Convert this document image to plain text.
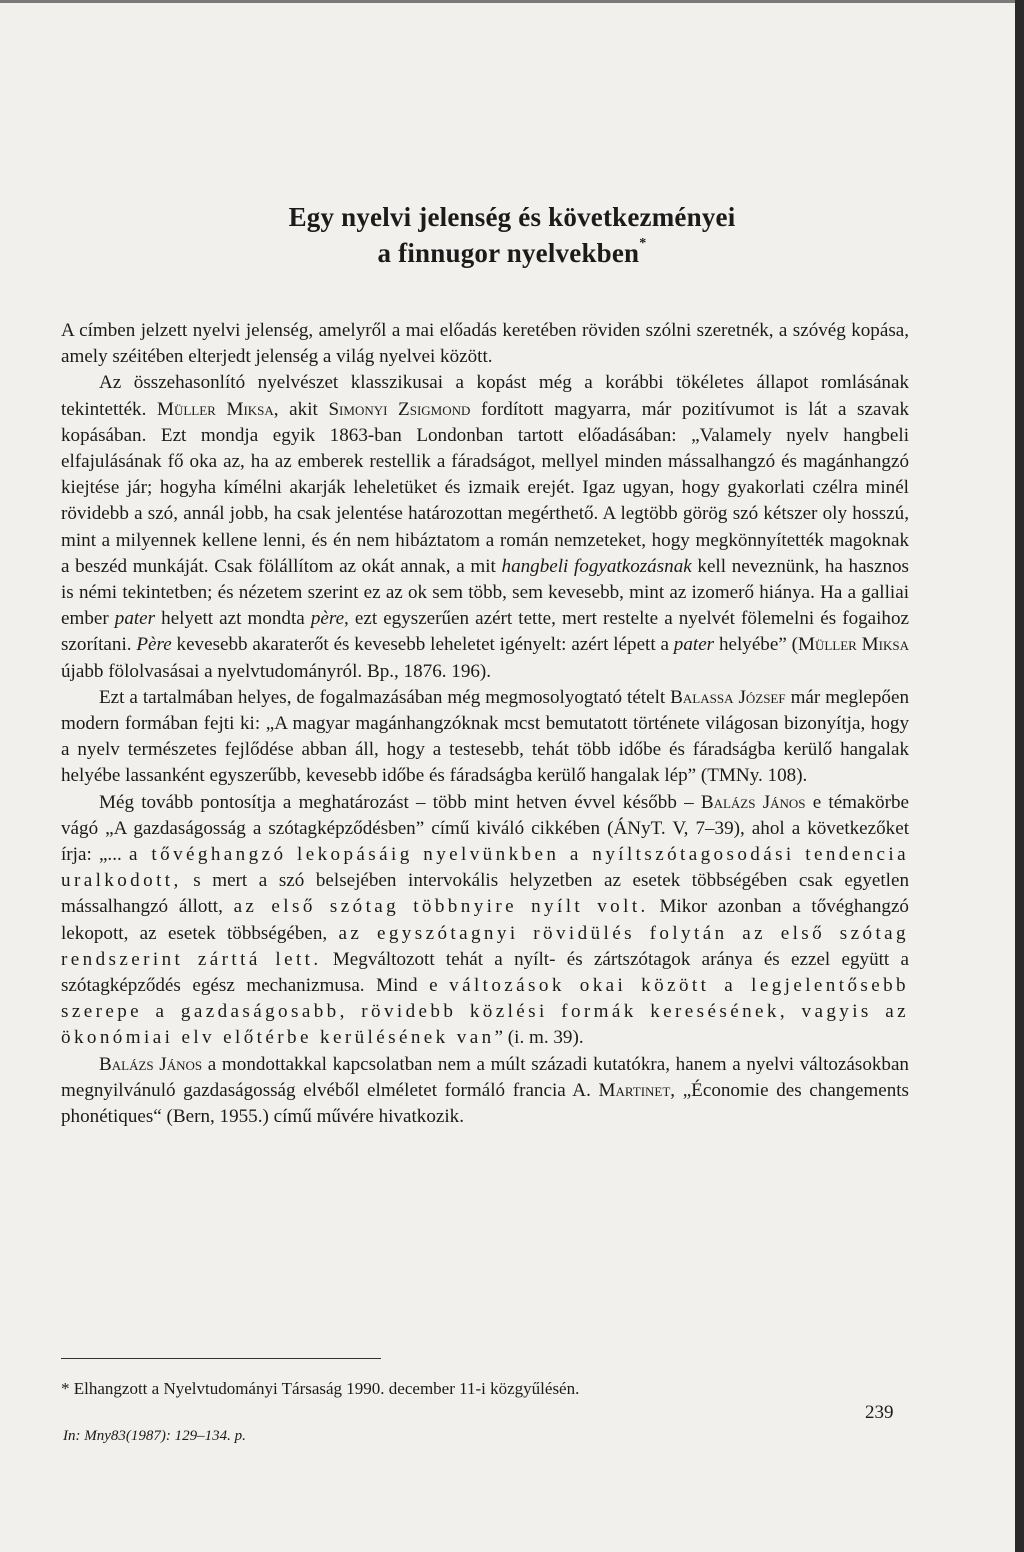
Egy nyelvi jelenség és következményei
a finnugor nyelvekben*

A címben jelzett nyelvi jelenség, amelyről a mai előadás keretében röviden szólni szeretnék, a szóvég kopása, amely széitében elterjedt jelenség a világ nyelvei között.

Az összehasonlító nyelvészet klasszikusai a kopást még a korábbi tökéletes állapot romlásának tekintették. Müller Miksa, akit Simonyi Zsigmond fordított magyarra, már pozitívumot is lát a szavak kopásában. Ezt mondja egyik 1863-ban Londonban tartott előadásában: „Valamely nyelv hangbeli elfajulásának fő oka az, ha az emberek restellik a fáradságot, mellyel minden mássalhangzó és magánhangzó kiejtése jár; hogyha kímélni akarják leheletüket és izmaik erejét. Igaz ugyan, hogy gyakorlati czélra minél rövidebb a szó, annál jobb, ha csak jelentése határozottan megérthető. A legtöbb görög szó kétszer oly hosszú, mint a milyennek kellene lenni, és én nem hibáztatom a román nemzeteket, hogy megkönnyítették magoknak a beszéd munkáját. Csak fölállítom az okát annak, a mit hangbeli fogyatkozásnak kell neveznünk, ha hasznos is némi tekintetben; és nézetem szerint ez az ok sem több, sem kevesebb, mint az izomerő hiánya. Ha a galliai ember pater helyett azt mondta père, ezt egyszerűen azért tette, mert restelte a nyelvét fölemelni és fogaihoz szorítani. Père kevesebb akaraterőt és kevesebb leheletet igényelt: azért lépett a pater helyébe” (Müller Miksa újabb fölolvasásai a nyelvtudományról. Bp., 1876. 196).

Ezt a tartalmában helyes, de fogalmazásában még megmosolyogtató tételt Balassa József már meglepően modern formában fejti ki: „A magyar magánhangzóknak mcst bemutatott története világosan bizonyítja, hogy a nyelv természetes fejlődése abban áll, hogy a testesebb, tehát több időbe és fáradságba kerülő hangalak helyébe lassanként egyszerűbb, kevesebb időbe és fáradságba kerülő hangalak lép” (TMNy. 108).

Még tovább pontosítja a meghatározást – több mint hetven évvel később – Balázs János e témakörbe vágó „A gazdaságosság a szótagképződésben” című kiváló cikkében (ÁNyT. V, 7–39), ahol a következőket írja: „... a tővéghangzó lekopásáig nyelvünkben a nyíltszótagosodási tendencia uralkodott, s mert a szó belsejében intervokális helyzetben az esetek többségében csak egyetlen mássalhangzó állott, az első szótag többnyire nyílt volt. Mikor azonban a tővéghangzó lekopott, az esetek többségében, az egyszótagnyi rövidülés folytán az első szótag rendszerint zárttá lett. Megváltozott tehát a nyílt- és zártszótagok aránya és ezzel együtt a szótagképződés egész mechanizmusa. Mind e változások okai között a legjelentősebb szerepe a gazdaságosabb, rövidebb közlési formák keresésének, vagyis az ökonómiai elv előtérbe kerülésének van” (i. m. 39).

Balázs János a mondottakkal kapcsolatban nem a múlt századi kutatókra, hanem a nyelvi változásokban megnyilvánuló gazdaságosság elvéből elméletet formáló francia A. Martinet, „Économie des changements phonétiques“ (Bern, 1955.) című művére hivatkozik.

* Elhangzott a Nyelvtudományi Társaság 1990. december 11-i közgyűlésén.
239
In: Mny83(1987): 129–134. p.
